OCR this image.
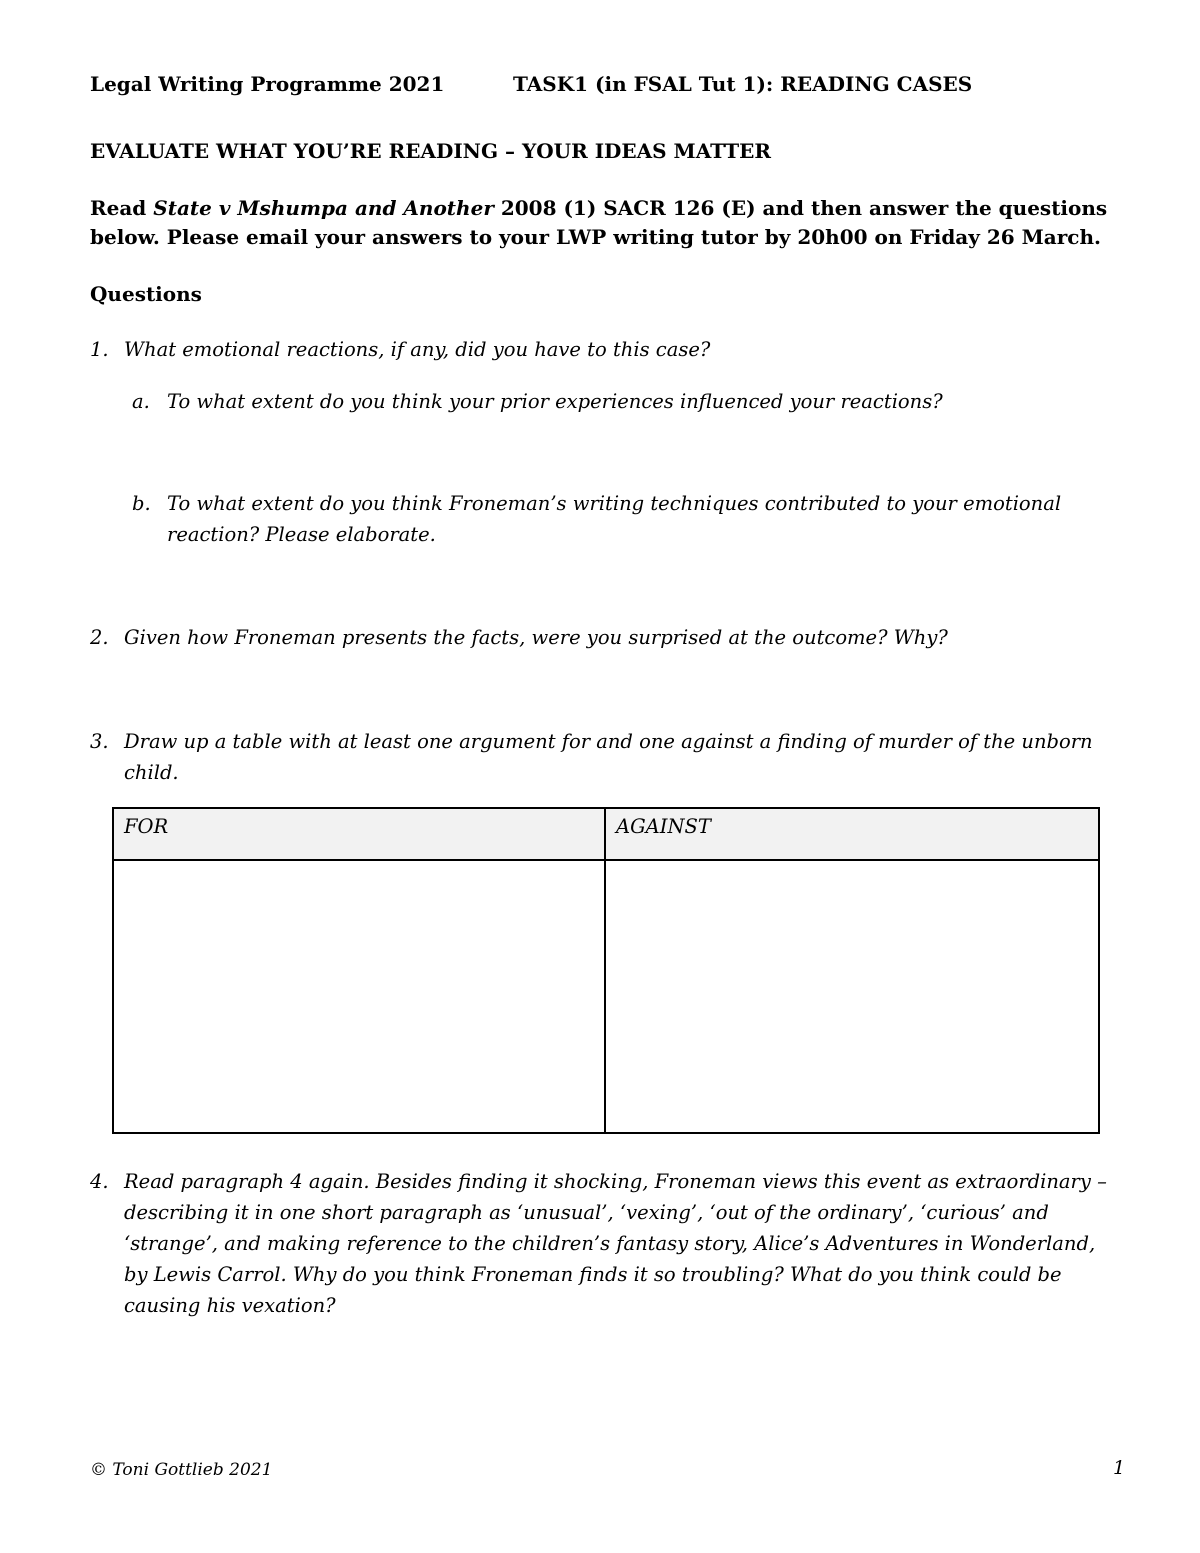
Legal Writing Programme 2021	TASK1 (in FSAL Tut 1): READING CASES
EVALUATE WHAT YOU’RE READING – YOUR IDEAS MATTER
Read State v Mshumpa and Another 2008 (1) SACR 126 (E) and then answer the questions below. Please email your answers to your LWP writing tutor by 20h00 on Friday 26 March.
Questions
1. What emotional reactions, if any, did you have to this case?
a. To what extent do you think your prior experiences influenced your reactions?
b. To what extent do you think Froneman’s writing techniques contributed to your emotional reaction? Please elaborate.
2. Given how Froneman presents the facts, were you surprised at the outcome? Why?
3. Draw up a table with at least one argument for and one against a finding of murder of the unborn child.
FOR	AGAINST
4. Read paragraph 4 again. Besides finding it shocking, Froneman views this event as extraordinary – describing it in one short paragraph as ‘unusual’, ‘vexing’, ‘out of the ordinary’, ‘curious’ and ‘strange’, and making reference to the children’s fantasy story, Alice’s Adventures in Wonderland, by Lewis Carrol. Why do you think Froneman finds it so troubling? What do you think could be causing his vexation?
© Toni Gottlieb 2021	1
